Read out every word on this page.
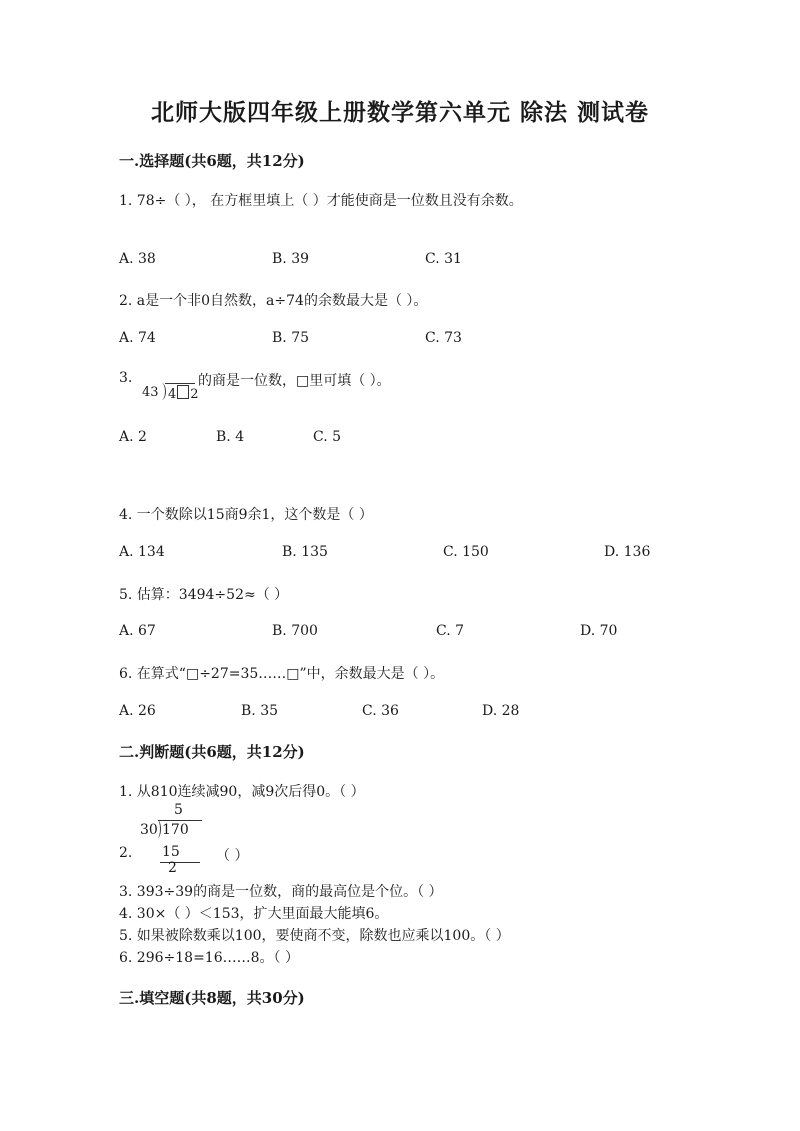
北师大版四年级上册数学第六单元 除法 测试卷
一.选择题(共6题，共12分)
1. 78÷（ ）， 在方框里填上（ ）才能使商是一位数且没有余数。
A. 38	B. 39	C. 31
2. a是一个非0自然数，a÷74的余数最大是（ ）。
A. 74	B. 75	C. 73
3.
43 4 2
的商是一位数，□里可填（ ）。
A. 2	B. 4	C. 5
4. 一个数除以15商9余1，这个数是（ ）
A. 134	B. 135	C. 150	D. 136
5. 估算：3494÷52≈（ ）
A. 67	B. 700	C. 7	D. 70
6. 在算式“□÷27=35……□”中，余数最大是（ ）。
A. 26	B. 35	C. 36	D. 28
二.判断题(共6题，共12分)
1. 从810连续减90，减9次后得0。（ ）
5
30 170
15
2
2.	（ ）
3. 393÷39的商是一位数，商的最高位是个位。（ ）
4. 30×（ ）＜153，扩大里面最大能填6。
5. 如果被除数乘以100，要使商不变，除数也应乘以100。（ ）
6. 296÷18=16……8。（ ）
三.填空题(共8题，共30分)
